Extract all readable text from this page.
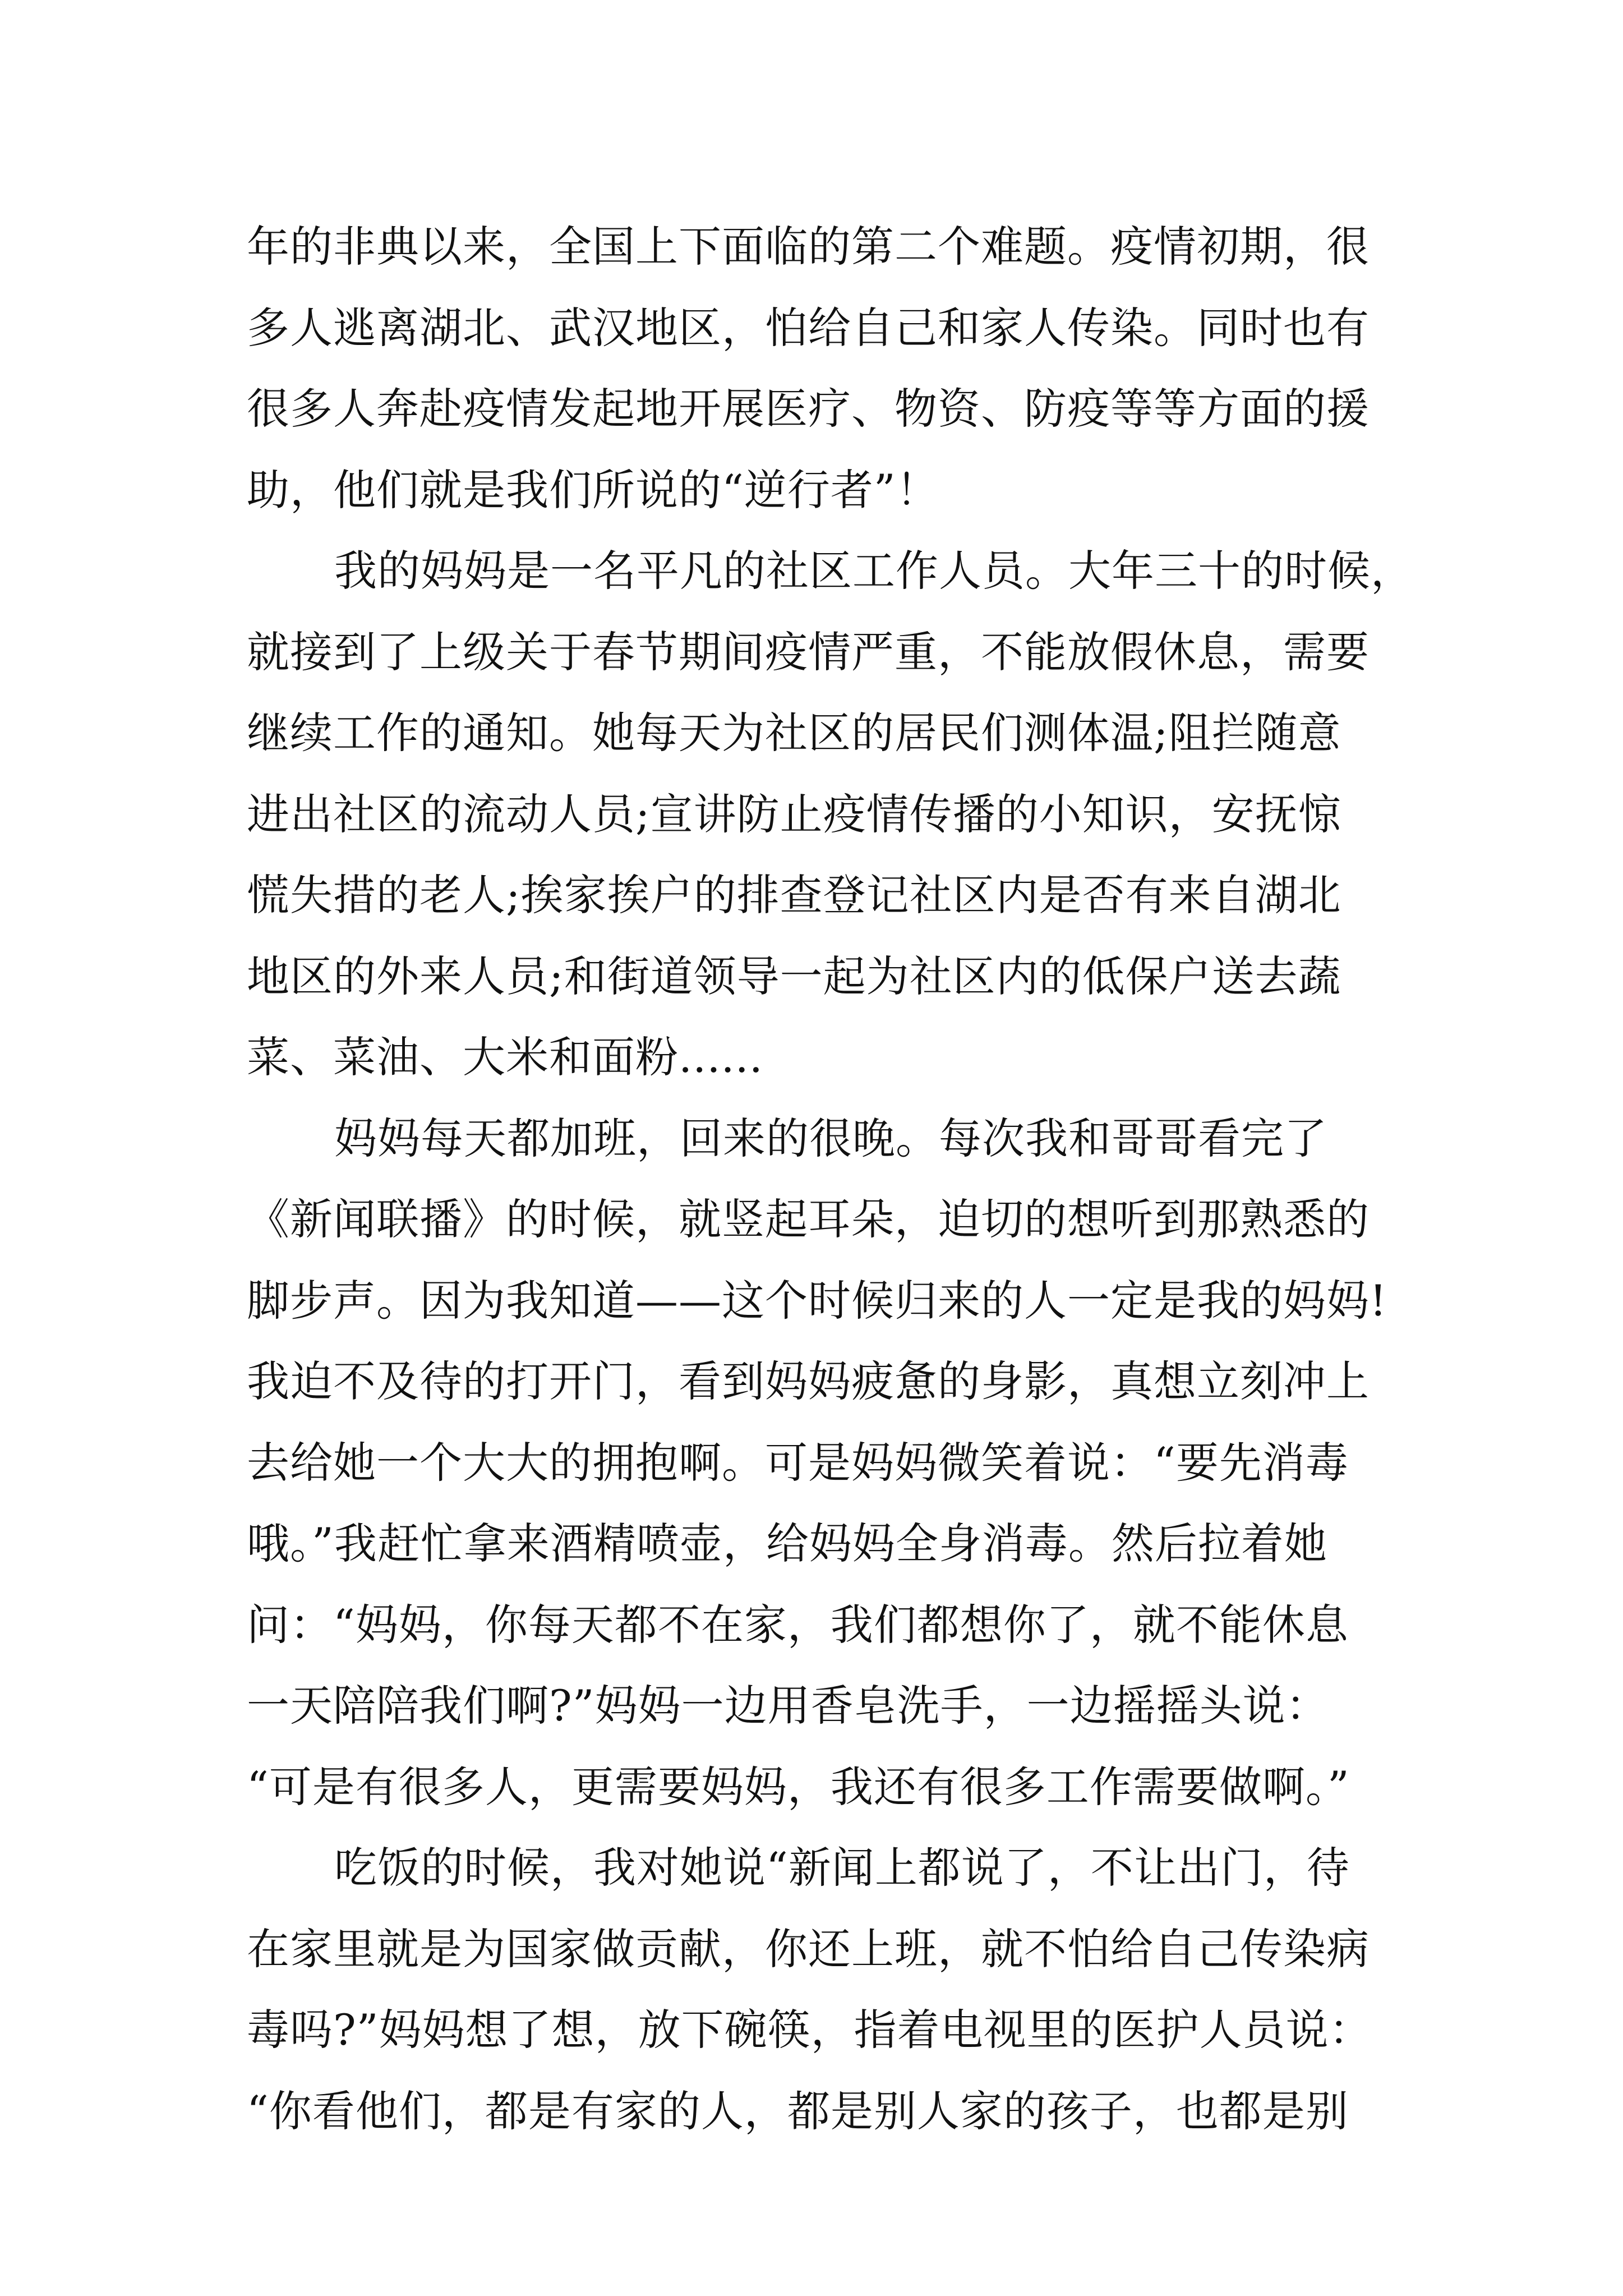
年的非典以来，全国上下面临的第二个难题。疫情初期，很
多人逃离湖北、武汉地区，怕给自己和家人传染。同时也有
很多人奔赴疫情发起地开展医疗、物资、防疫等等方面的援
助，他们就是我们所说的“逆行者”！
我的妈妈是一名平凡的社区工作人员。大年三十的时候，
就接到了上级关于春节期间疫情严重，不能放假休息，需要
继续工作的通知。她每天为社区的居民们测体温;阻拦随意
进出社区的流动人员;宣讲防止疫情传播的小知识，安抚惊
慌失措的老人;挨家挨户的排查登记社区内是否有来自湖北
地区的外来人员;和街道领导一起为社区内的低保户送去蔬
菜、菜油、大米和面粉......
妈妈每天都加班，回来的很晚。每次我和哥哥看完了
《新闻联播》的时候，就竖起耳朵，迫切的想听到那熟悉的
脚步声。因为我知道——这个时候归来的人一定是我的妈妈!
我迫不及待的打开门，看到妈妈疲惫的身影，真想立刻冲上
去给她一个大大的拥抱啊。可是妈妈微笑着说：“要先消毒
哦。”我赶忙拿来酒精喷壶，给妈妈全身消毒。然后拉着她
问：“妈妈，你每天都不在家，我们都想你了，就不能休息
一天陪陪我们啊?”妈妈一边用香皂洗手，一边摇摇头说：
“可是有很多人，更需要妈妈，我还有很多工作需要做啊。”
吃饭的时候，我对她说“新闻上都说了，不让出门，待
在家里就是为国家做贡献，你还上班，就不怕给自己传染病
毒吗?”妈妈想了想，放下碗筷，指着电视里的医护人员说：
“你看他们，都是有家的人，都是别人家的孩子，也都是别
